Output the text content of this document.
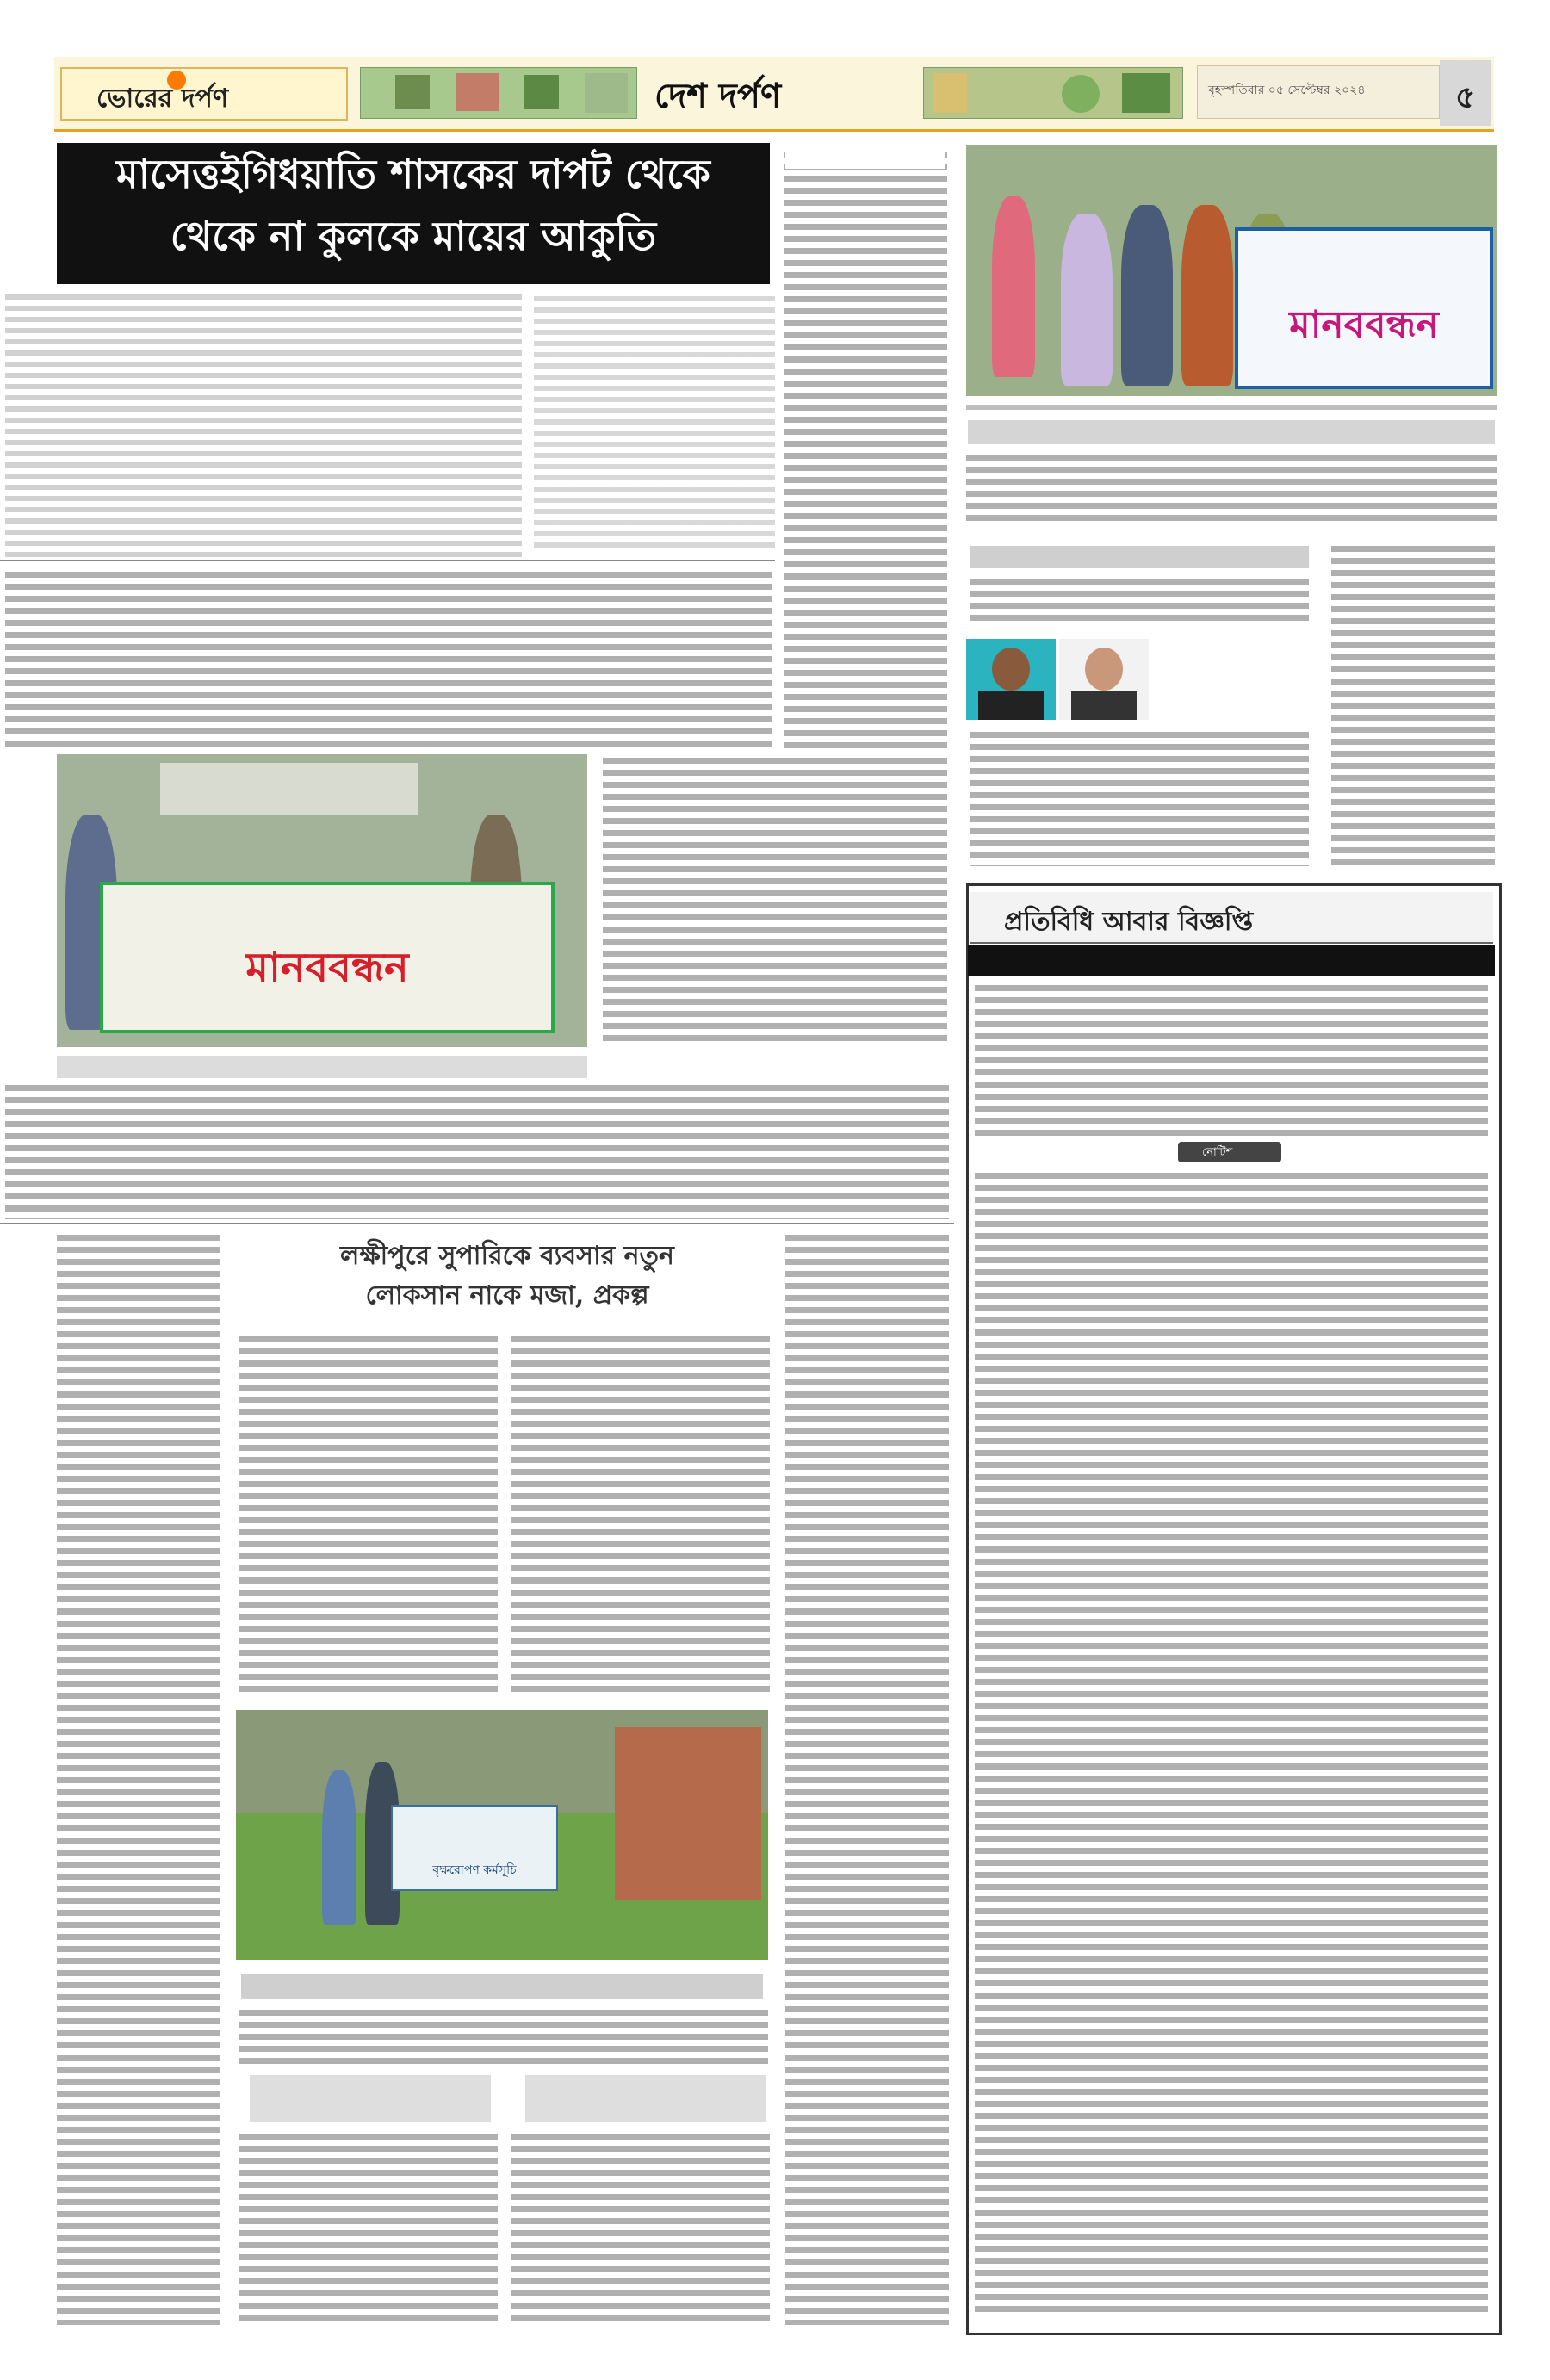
ভোরের দর্পণ	দেশ দর্পণ	বৃহস্পতিবার ০৫ সেপ্টেম্বর ২০২৪	৫
মাসেত্তইগিধয়াতি শাসকের দাপট থেকে
থেকে না কুলকে মায়ের আকুতি

মানববন্ধন
মানববন্ধন
লক্ষীপুরে সুপারিকে ব্যবসার নতুন
লোকসান নাকে মজা, প্রকল্প
বৃক্ষরোপণ কর্মসূচি
প্রতিবিধি আবার বিজ্ঞপ্তি
নোটিশ
